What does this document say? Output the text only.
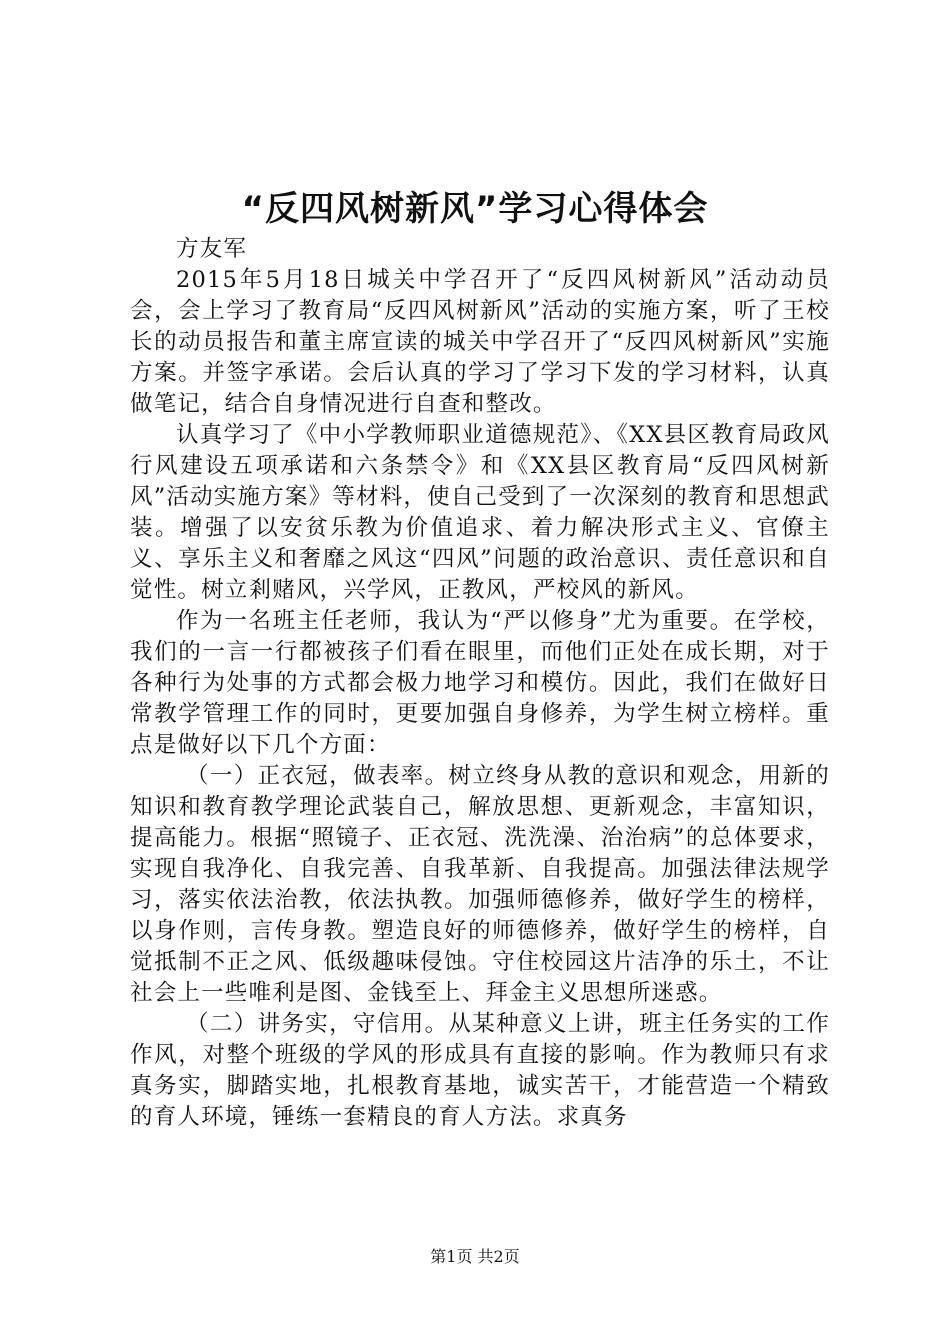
“反四风树新风”学习心得体会

方友军

2015年5月18日城关中学召开了“反四风树新风”活动动员会，会上学习了教育局“反四风树新风”活动的实施方案，听了王校长的动员报告和董主席宣读的城关中学召开了“反四风树新风”实施方案。并签字承诺。会后认真的学习了学习下发的学习材料，认真做笔记，结合自身情况进行自查和整改。

认真学习了《中小学教师职业道德规范》、《XX县区教育局政风行风建设五项承诺和六条禁令》和《XX县区教育局“反四风树新风”活动实施方案》等材料，使自己受到了一次深刻的教育和思想武装。增强了以安贫乐教为价值追求、着力解决形式主义、官僚主义、享乐主义和奢靡之风这“四风”问题的政治意识、责任意识和自觉性。树立剎赌风，兴学风，正教风，严校风的新风。

作为一名班主任老师，我认为“严以修身”尤为重要。在学校，我们的一言一行都被孩子们看在眼里，而他们正处在成长期，对于各种行为处事的方式都会极力地学习和模仿。因此，我们在做好日常教学管理工作的同时，更要加强自身修养，为学生树立榜样。重点是做好以下几个方面：

（一）正衣冠，做表率。树立终身从教的意识和观念，用新的知识和教育教学理论武装自己，解放思想、更新观念，丰富知识，提高能力。根据“照镜子、正衣冠、洗洗澡、治治病”的总体要求，实现自我净化、自我完善、自我革新、自我提高。加强法律法规学习，落实依法治教，依法执教。加强师德修养，做好学生的榜样，以身作则，言传身教。塑造良好的师德修养，做好学生的榜样，自觉抵制不正之风、低级趣味侵蚀。守住校园这片洁净的乐土，不让社会上一些唯利是图、金钱至上、拜金主义思想所迷惑。

（二）讲务实，守信用。从某种意义上讲，班主任务实的工作作风，对整个班级的学风的形成具有直接的影响。作为教师只有求真务实，脚踏实地，扎根教育基地，诚实苦干，才能营造一个精致的育人环境，锤练一套精良的育人方法。求真务

第1页 共2页
